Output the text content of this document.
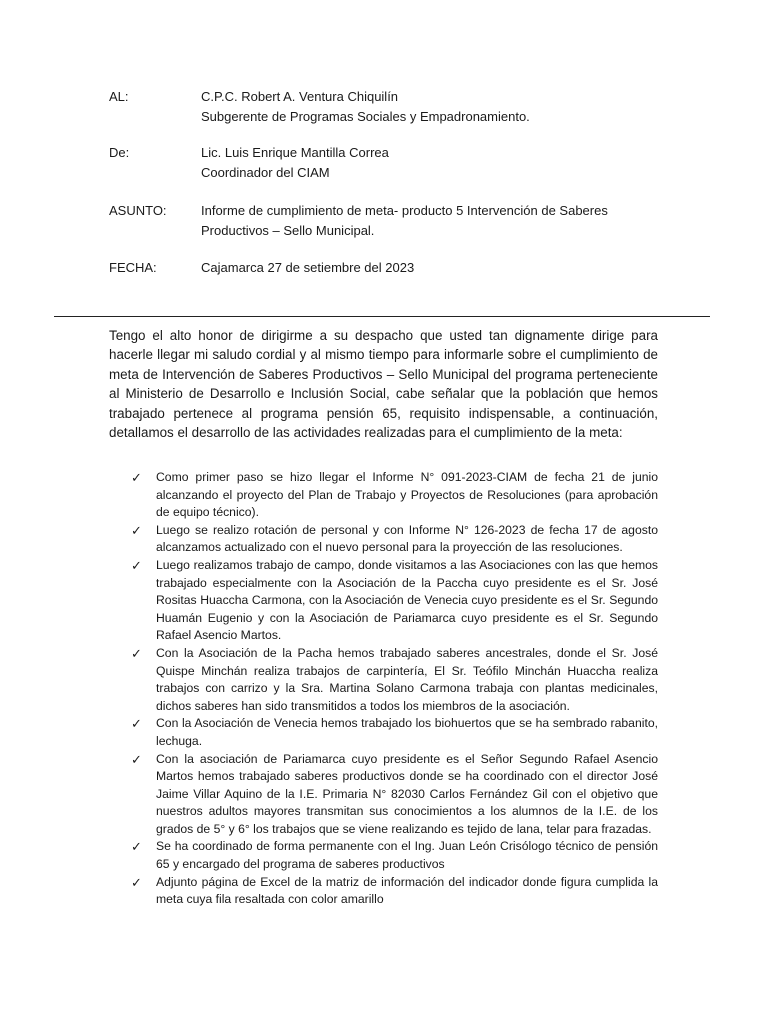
AL:	C.P.C. Robert A. Ventura Chiquilín
Subgerente de Programas Sociales y Empadronamiento.
De:	Lic. Luis Enrique Mantilla Correa
Coordinador del CIAM
ASUNTO:	Informe de cumplimiento de meta- producto 5 Intervención de Saberes
Productivos – Sello Municipal.
FECHA:	Cajamarca 27 de setiembre del 2023
Tengo el alto honor de dirigirme a su despacho que usted tan dignamente dirige para hacerle llegar mi saludo cordial y al mismo tiempo para informarle sobre el cumplimiento de meta de Intervención de Saberes Productivos – Sello Municipal del programa perteneciente al Ministerio de Desarrollo e Inclusión Social, cabe señalar que la población que hemos trabajado pertenece al programa pensión 65, requisito indispensable, a continuación, detallamos el desarrollo de las actividades realizadas para el cumplimiento de la meta:
✓ Como primer paso se hizo llegar el Informe N° 091-2023-CIAM de fecha 21 de junio alcanzando el proyecto del Plan de Trabajo y Proyectos de Resoluciones (para aprobación de equipo técnico).
✓ Luego se realizo rotación de personal y con Informe N° 126-2023 de fecha 17 de agosto alcanzamos actualizado con el nuevo personal para la proyección de las resoluciones.
✓ Luego realizamos trabajo de campo, donde visitamos a las Asociaciones con las que hemos trabajado especialmente con la Asociación de la Paccha cuyo presidente es el Sr. José Rositas Huaccha Carmona, con la Asociación de Venecia cuyo presidente es el Sr. Segundo Huamán Eugenio y con la Asociación de Pariamarca cuyo presidente es el Sr. Segundo Rafael Asencio Martos.
✓ Con la Asociación de la Pacha hemos trabajado saberes ancestrales, donde el Sr. José Quispe Minchán realiza trabajos de carpintería, El Sr. Teófilo Minchán Huaccha realiza trabajos con carrizo y la Sra. Martina Solano Carmona trabaja con plantas medicinales, dichos saberes han sido transmitidos a todos los miembros de la asociación.
✓ Con la Asociación de Venecia hemos trabajado los biohuertos que se ha sembrado rabanito, lechuga.
✓ Con la asociación de Pariamarca cuyo presidente es el Señor Segundo Rafael Asencio Martos hemos trabajado saberes productivos donde se ha coordinado con el director José Jaime Villar Aquino de la I.E. Primaria N° 82030 Carlos Fernández Gil con el objetivo que nuestros adultos mayores transmitan sus conocimientos a los alumnos de la I.E. de los grados de 5° y 6° los trabajos que se viene realizando es tejido de lana, telar para frazadas.
✓ Se ha coordinado de forma permanente con el Ing. Juan León Crisólogo técnico de pensión 65 y encargado del programa de saberes productivos
✓ Adjunto página de Excel de la matriz de información del indicador donde figura cumplida la meta cuya fila resaltada con color amarillo
